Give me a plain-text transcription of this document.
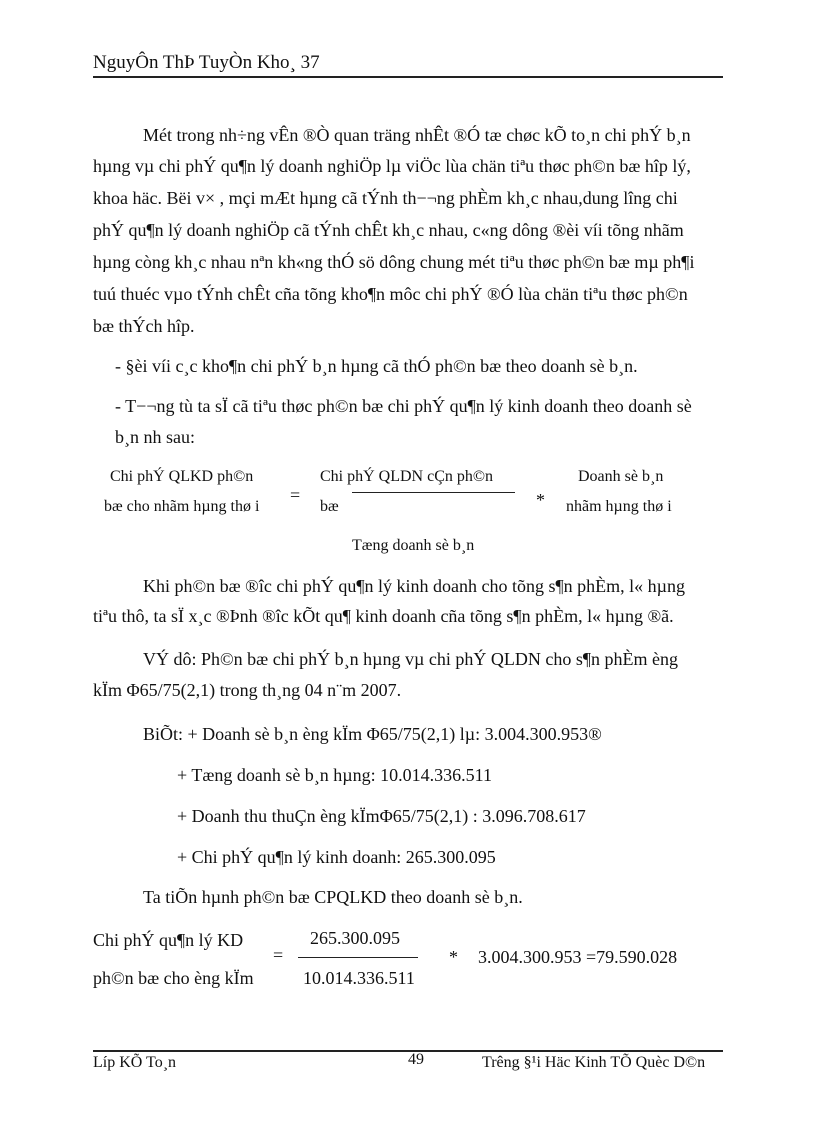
NguyÔn ThÞ TuyÒn Kho¸ 37
Mét trong nh÷ng vÊn ®Ò quan träng nhÊt ®Ó tæ chøc kÕ to¸n chi phÝ b¸n
hµng vµ chi phÝ qu¶n lý doanh nghiÖp lµ viÖc lùa chän tiªu thøc ph©n bæ hîp lý,
khoa häc. Bëi v× , mçi mÆt hµng cã tÝnh th−¬ng phÈm kh¸c nhau,dung lîng chi
phÝ qu¶n lý doanh nghiÖp cã tÝnh chÊt kh¸c nhau, c«ng dông ®èi víi tõng nhãm
hµng còng kh¸c nhau nªn kh«ng thÓ sö dông chung mét tiªu thøc ph©n bæ mµ ph¶i
tuú thuéc vµo tÝnh chÊt cña tõng kho¶n môc chi phÝ ®Ó lùa chän tiªu thøc ph©n
bæ thÝch hîp.
- §èi víi c¸c kho¶n chi phÝ b¸n hµng cã thÓ ph©n bæ theo doanh sè b¸n.
- T−¬ng tù ta sÏ cã tiªu thøc ph©n bæ chi phÝ qu¶n lý kinh doanh theo doanh sè
b¸n nh sau:
Chi phÝ QLKD ph©n
bæ cho nhãm hµng thø i
=
Chi phÝ QLDN cÇn ph©n
bæ	*
Doanh sè b¸n
nhãm hµng thø i
Tæng doanh sè b¸n
Khi ph©n bæ ®îc chi phÝ qu¶n lý kinh doanh cho tõng s¶n phÈm, l« hµng
tiªu thô, ta sÏ x¸c ®Þnh ®îc kÕt qu¶ kinh doanh cña tõng s¶n phÈm, l« hµng ®ã.
VÝ dô: Ph©n bæ chi phÝ b¸n hµng vµ chi phÝ QLDN cho s¶n phÈm èng
kÏm Φ65/75(2,1) trong th¸ng 04 n¨m 2007.
BiÕt: + Doanh sè b¸n èng kÏm Φ65/75(2,1) lµ: 3.004.300.953®
+ Tæng doanh sè b¸n hµng: 10.014.336.511
+ Doanh thu thuÇn èng kÏmΦ65/75(2,1) : 3.096.708.617
+ Chi phÝ qu¶n lý kinh doanh: 265.300.095
Ta tiÕn hµnh ph©n bæ CPQLKD theo doanh sè b¸n.
Chi phÝ qu¶n lý KD
ph©n bæ cho èng kÏm
=
265.300.095
10.014.336.511
* 3.004.300.953 =79.590.028
Líp KÕ To¸n	49	Trêng §¹i Häc Kinh TÕ Quèc D©n
